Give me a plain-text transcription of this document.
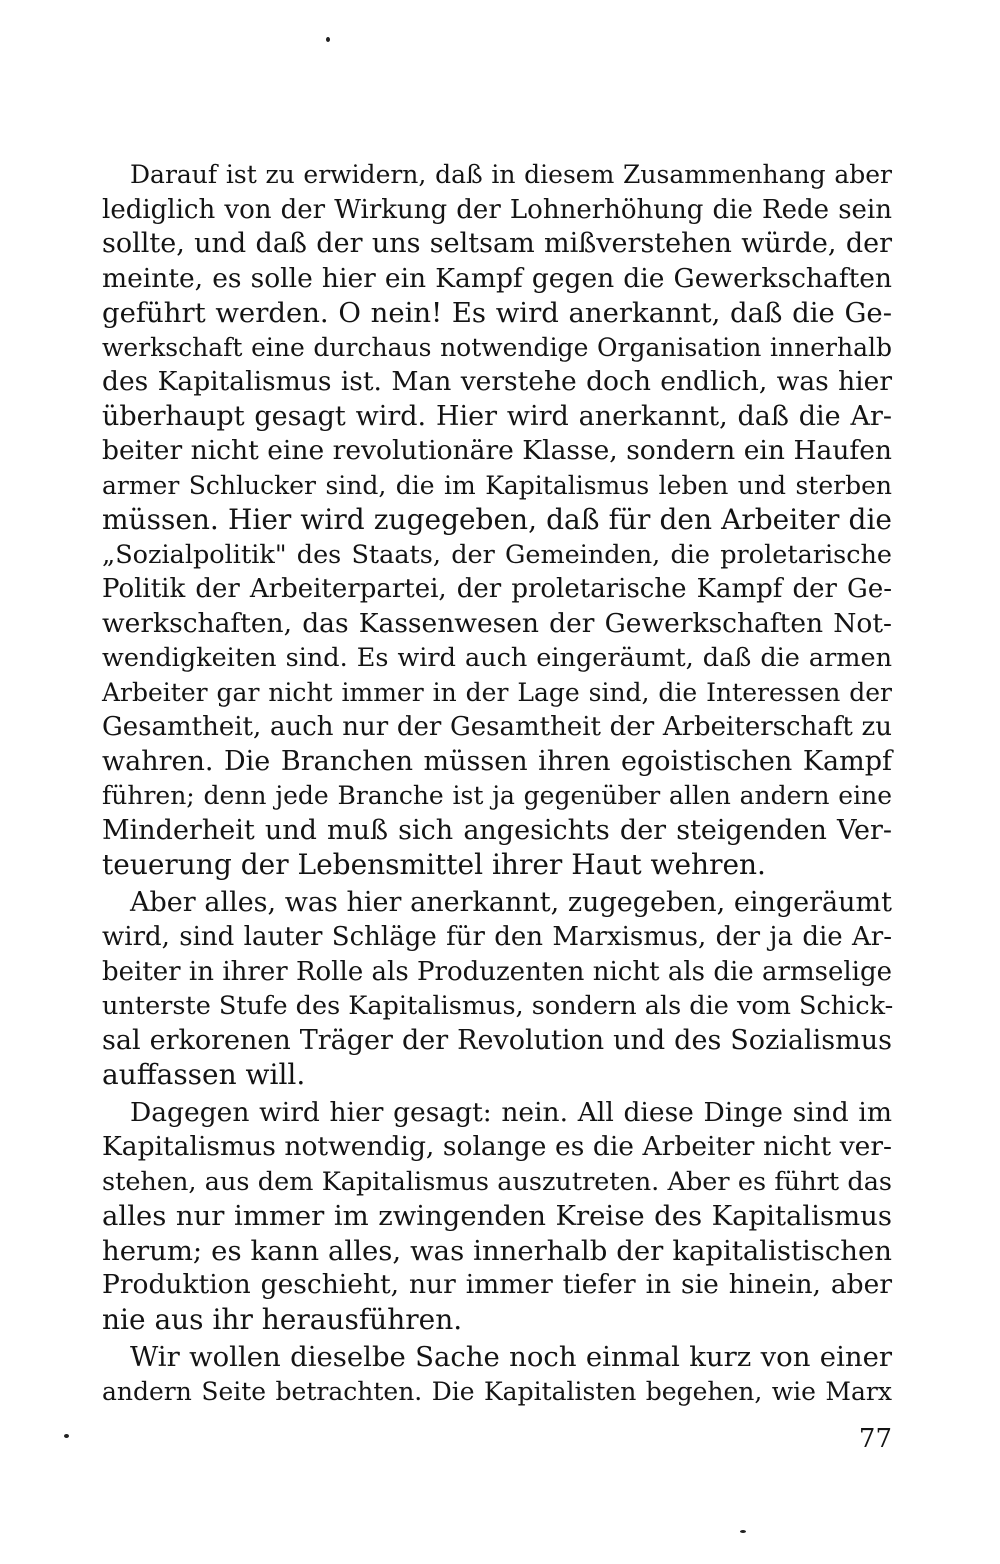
Darauf ist zu erwidern, daß in diesem Zusammenhang aber
lediglich von der Wirkung der Lohnerhöhung die Rede sein
sollte, und daß der uns seltsam mißverstehen würde, der
meinte, es solle hier ein Kampf gegen die Gewerkschaften
geführt werden. O nein! Es wird anerkannt, daß die Ge-
werkschaft eine durchaus notwendige Organisation innerhalb
des Kapitalismus ist. Man verstehe doch endlich, was hier
überhaupt gesagt wird. Hier wird anerkannt, daß die Ar-
beiter nicht eine revolutionäre Klasse, sondern ein Haufen
armer Schlucker sind, die im Kapitalismus leben und sterben
müssen. Hier wird zugegeben, daß für den Arbeiter die
„Sozialpolitik" des Staats, der Gemeinden, die proletarische
Politik der Arbeiterpartei, der proletarische Kampf der Ge-
werkschaften, das Kassenwesen der Gewerkschaften Not-
wendigkeiten sind. Es wird auch eingeräumt, daß die armen
Arbeiter gar nicht immer in der Lage sind, die Interessen der
Gesamtheit, auch nur der Gesamtheit der Arbeiterschaft zu
wahren. Die Branchen müssen ihren egoistischen Kampf
führen; denn jede Branche ist ja gegenüber allen andern eine
Minderheit und muß sich angesichts der steigenden Ver-
teuerung der Lebensmittel ihrer Haut wehren.
Aber alles, was hier anerkannt, zugegeben, eingeräumt
wird, sind lauter Schläge für den Marxismus, der ja die Ar-
beiter in ihrer Rolle als Produzenten nicht als die armselige
unterste Stufe des Kapitalismus, sondern als die vom Schick-
sal erkorenen Träger der Revolution und des Sozialismus
auffassen will.
Dagegen wird hier gesagt: nein. All diese Dinge sind im
Kapitalismus notwendig, solange es die Arbeiter nicht ver-
stehen, aus dem Kapitalismus auszutreten. Aber es führt das
alles nur immer im zwingenden Kreise des Kapitalismus
herum; es kann alles, was innerhalb der kapitalistischen
Produktion geschieht, nur immer tiefer in sie hinein, aber
nie aus ihr herausführen.
Wir wollen dieselbe Sache noch einmal kurz von einer
andern Seite betrachten. Die Kapitalisten begehen, wie Marx
77
